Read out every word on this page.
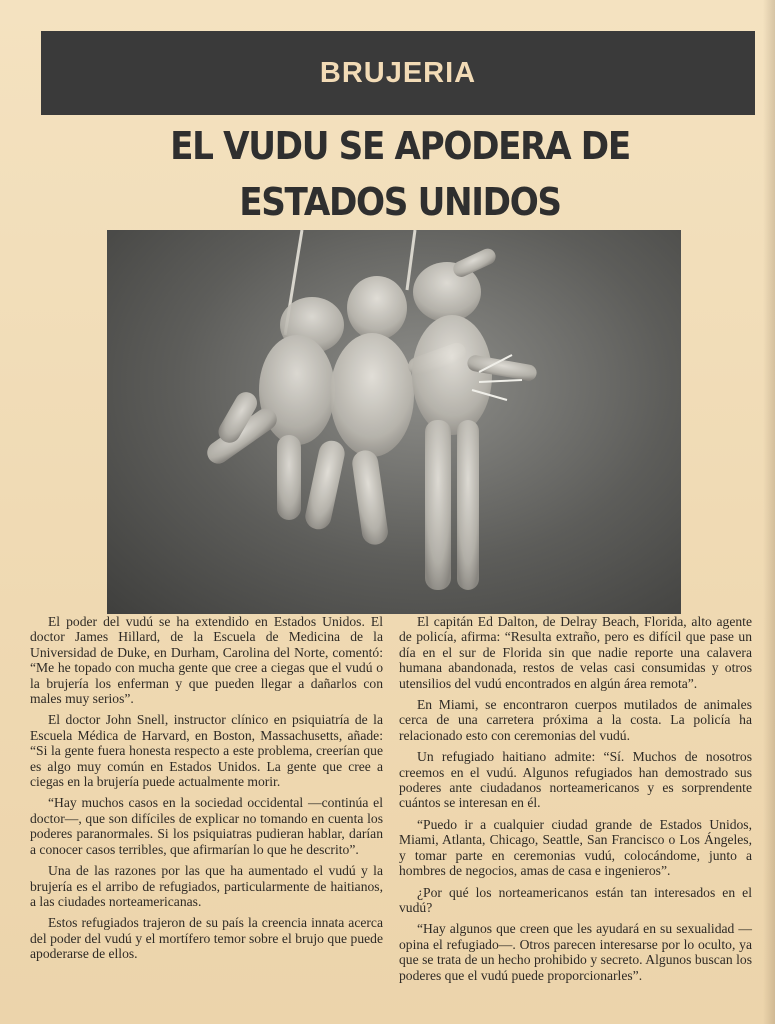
BRUJERIA
EL VUDU SE APODERA DE
ESTADOS UNIDOS

El poder del vudú se ha extendido en Estados Unidos. El doctor James Hillard, de la Escuela de Medicina de la Universidad de Duke, en Durham, Carolina del Norte, comentó: “Me he topado con mucha gente que cree a ciegas que el vudú o la brujería los enferman y que pueden llegar a dañarlos con males muy serios”.

El doctor John Snell, instructor clínico en psiquiatría de la Escuela Médica de Harvard, en Boston, Massachusetts, añade: “Si la gente fuera honesta respecto a este problema, creerían que es algo muy común en Estados Unidos. La gente que cree a ciegas en la brujería puede actualmente morir.

“Hay muchos casos en la sociedad occidental —continúa el doctor—, que son difíciles de explicar no tomando en cuenta los poderes paranormales. Si los psiquiatras pudieran hablar, darían a conocer casos terribles, que afirmarían lo que he descrito”.

Una de las razones por las que ha aumentado el vudú y la brujería es el arribo de refugiados, particularmente de haitianos, a las ciudades norteamericanas.

Estos refugiados trajeron de su país la creencia innata acerca del poder del vudú y el mortífero temor sobre el brujo que puede apoderarse de ellos.

El capitán Ed Dalton, de Delray Beach, Florida, alto agente de policía, afirma: “Resulta extraño, pero es difícil que pase un día en el sur de Florida sin que nadie reporte una calavera humana abandonada, restos de velas casi consumidas y otros utensilios del vudú encontrados en algún área remota”.

En Miami, se encontraron cuerpos mutilados de animales cerca de una carretera próxima a la costa. La policía ha relacionado esto con ceremonias del vudú.

Un refugiado haitiano admite: “Sí. Muchos de nosotros creemos en el vudú. Algunos refugiados han demostrado sus poderes ante ciudadanos norteamericanos y es sorprendente cuántos se interesan en él.

“Puedo ir a cualquier ciudad grande de Estados Unidos, Miami, Atlanta, Chicago, Seattle, San Francisco o Los Ángeles, y tomar parte en ceremonias vudú, colocándome, junto a hombres de negocios, amas de casa e ingenieros”.

¿Por qué los norteamericanos están tan interesados en el vudú?

“Hay algunos que creen que les ayudará en su sexualidad —opina el refugiado—. Otros parecen interesarse por lo oculto, ya que se trata de un hecho prohibido y secreto. Algunos buscan los poderes que el vudú puede proporcionarles”.
